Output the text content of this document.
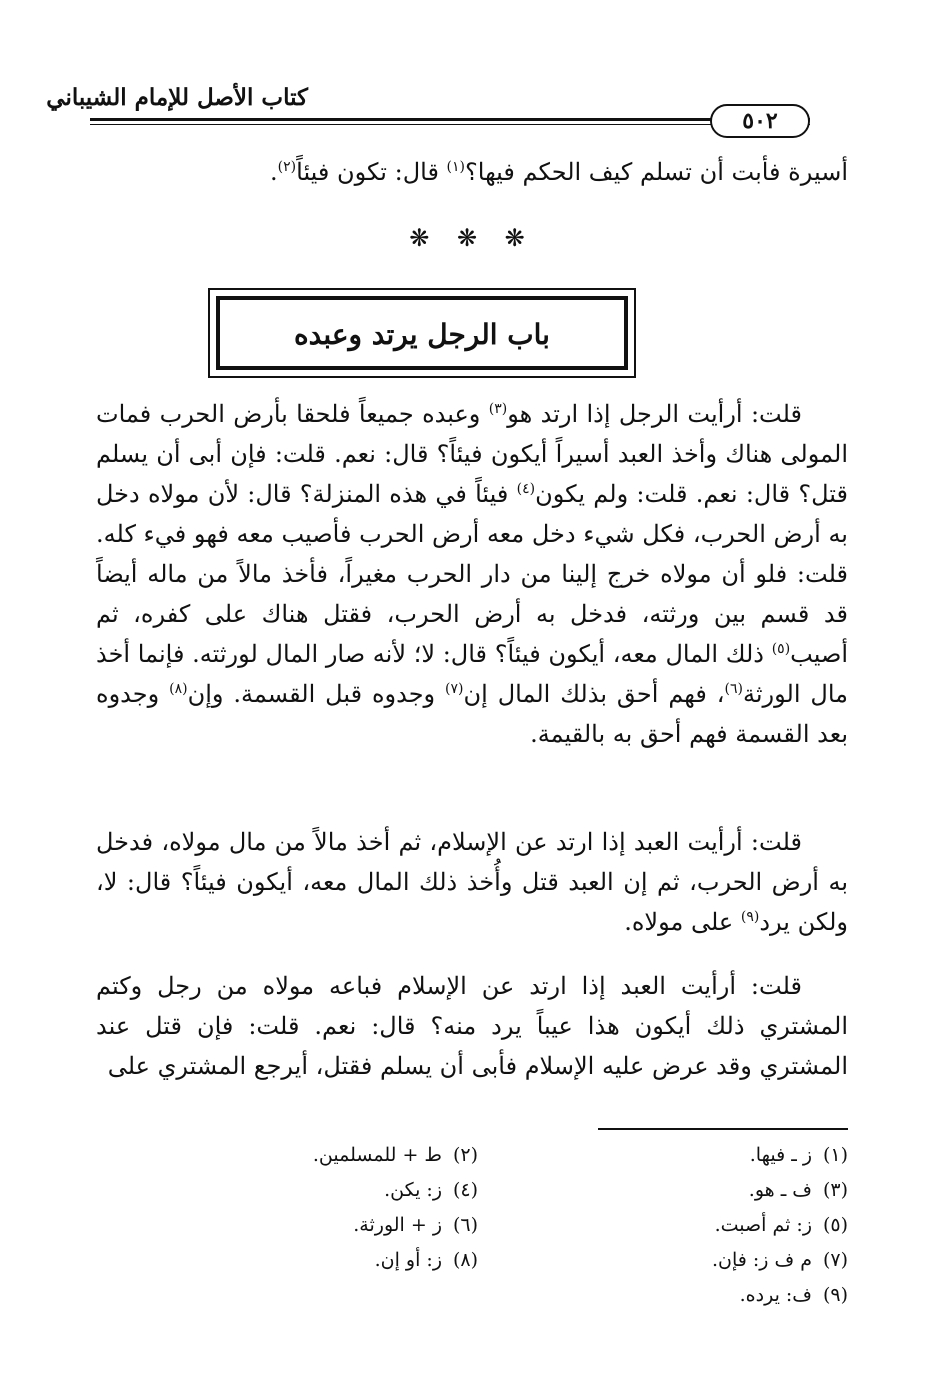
كتاب الأصل للإمام الشيباني
٥٠٢
أسيرة فأبت أن تسلم كيف الحكم فيها؟$^{(١)}$ قال: تكون فيئاً$^{(٢)}$.
❋ ❋ ❋
باب الرجل يرتد وعبده
قلت: أرأيت الرجل إذا ارتد هو$^{(٣)}$ وعبده جميعاً فلحقا بأرض الحرب فمات المولى هناك وأخذ العبد أسيراً أيكون فيئاً؟ قال: نعم. قلت: فإن أبى أن يسلم قتل؟ قال: نعم. قلت: ولم يكون$^{(٤)}$ فيئاً في هذه المنزلة؟ قال: لأن مولاه دخل به أرض الحرب، فكل شيء دخل معه أرض الحرب فأصيب معه فهو فيء كله. قلت: فلو أن مولاه خرج إلينا من دار الحرب مغيراً، فأخذ مالاً من ماله أيضاً قد قسم بين ورثته، فدخل به أرض الحرب، فقتل هناك على كفره، ثم أصيب$^{(٥)}$ ذلك المال معه، أيكون فيئاً؟ قال: لا؛ لأنه صار المال لورثته. فإنما أخذ مال الورثة$^{(٦)}$، فهم أحق بذلك المال إن$^{(٧)}$ وجدوه قبل القسمة. وإن$^{(٨)}$ وجدوه بعد القسمة فهم أحق به بالقيمة.
قلت: أرأيت العبد إذا ارتد عن الإسلام، ثم أخذ مالاً من مال مولاه، فدخل به أرض الحرب، ثم إن العبد قتل وأُخذ ذلك المال معه، أيكون فيئاً؟ قال: لا، ولكن يرد$^{(٩)}$ على مولاه.
قلت: أرأيت العبد إذا ارتد عن الإسلام فباعه مولاه من رجل وكتم المشتري ذلك أيكون هذا عيباً يرد منه؟ قال: نعم. قلت: فإن قتل عند المشتري وقد عرض عليه الإسلام فأبى أن يسلم فقتل، أيرجع المشتري على
(١)ز ـ فيها.
(٢)ط + للمسلمين.
(٣)ف ـ هو.
(٤)ز: يكن.
(٥)ز: ثم أصبت.
(٦)ز + الورثة.
(٧)م ف ز: فإن.
(٨)ز: أو إن.
(٩)ف: يرده.
